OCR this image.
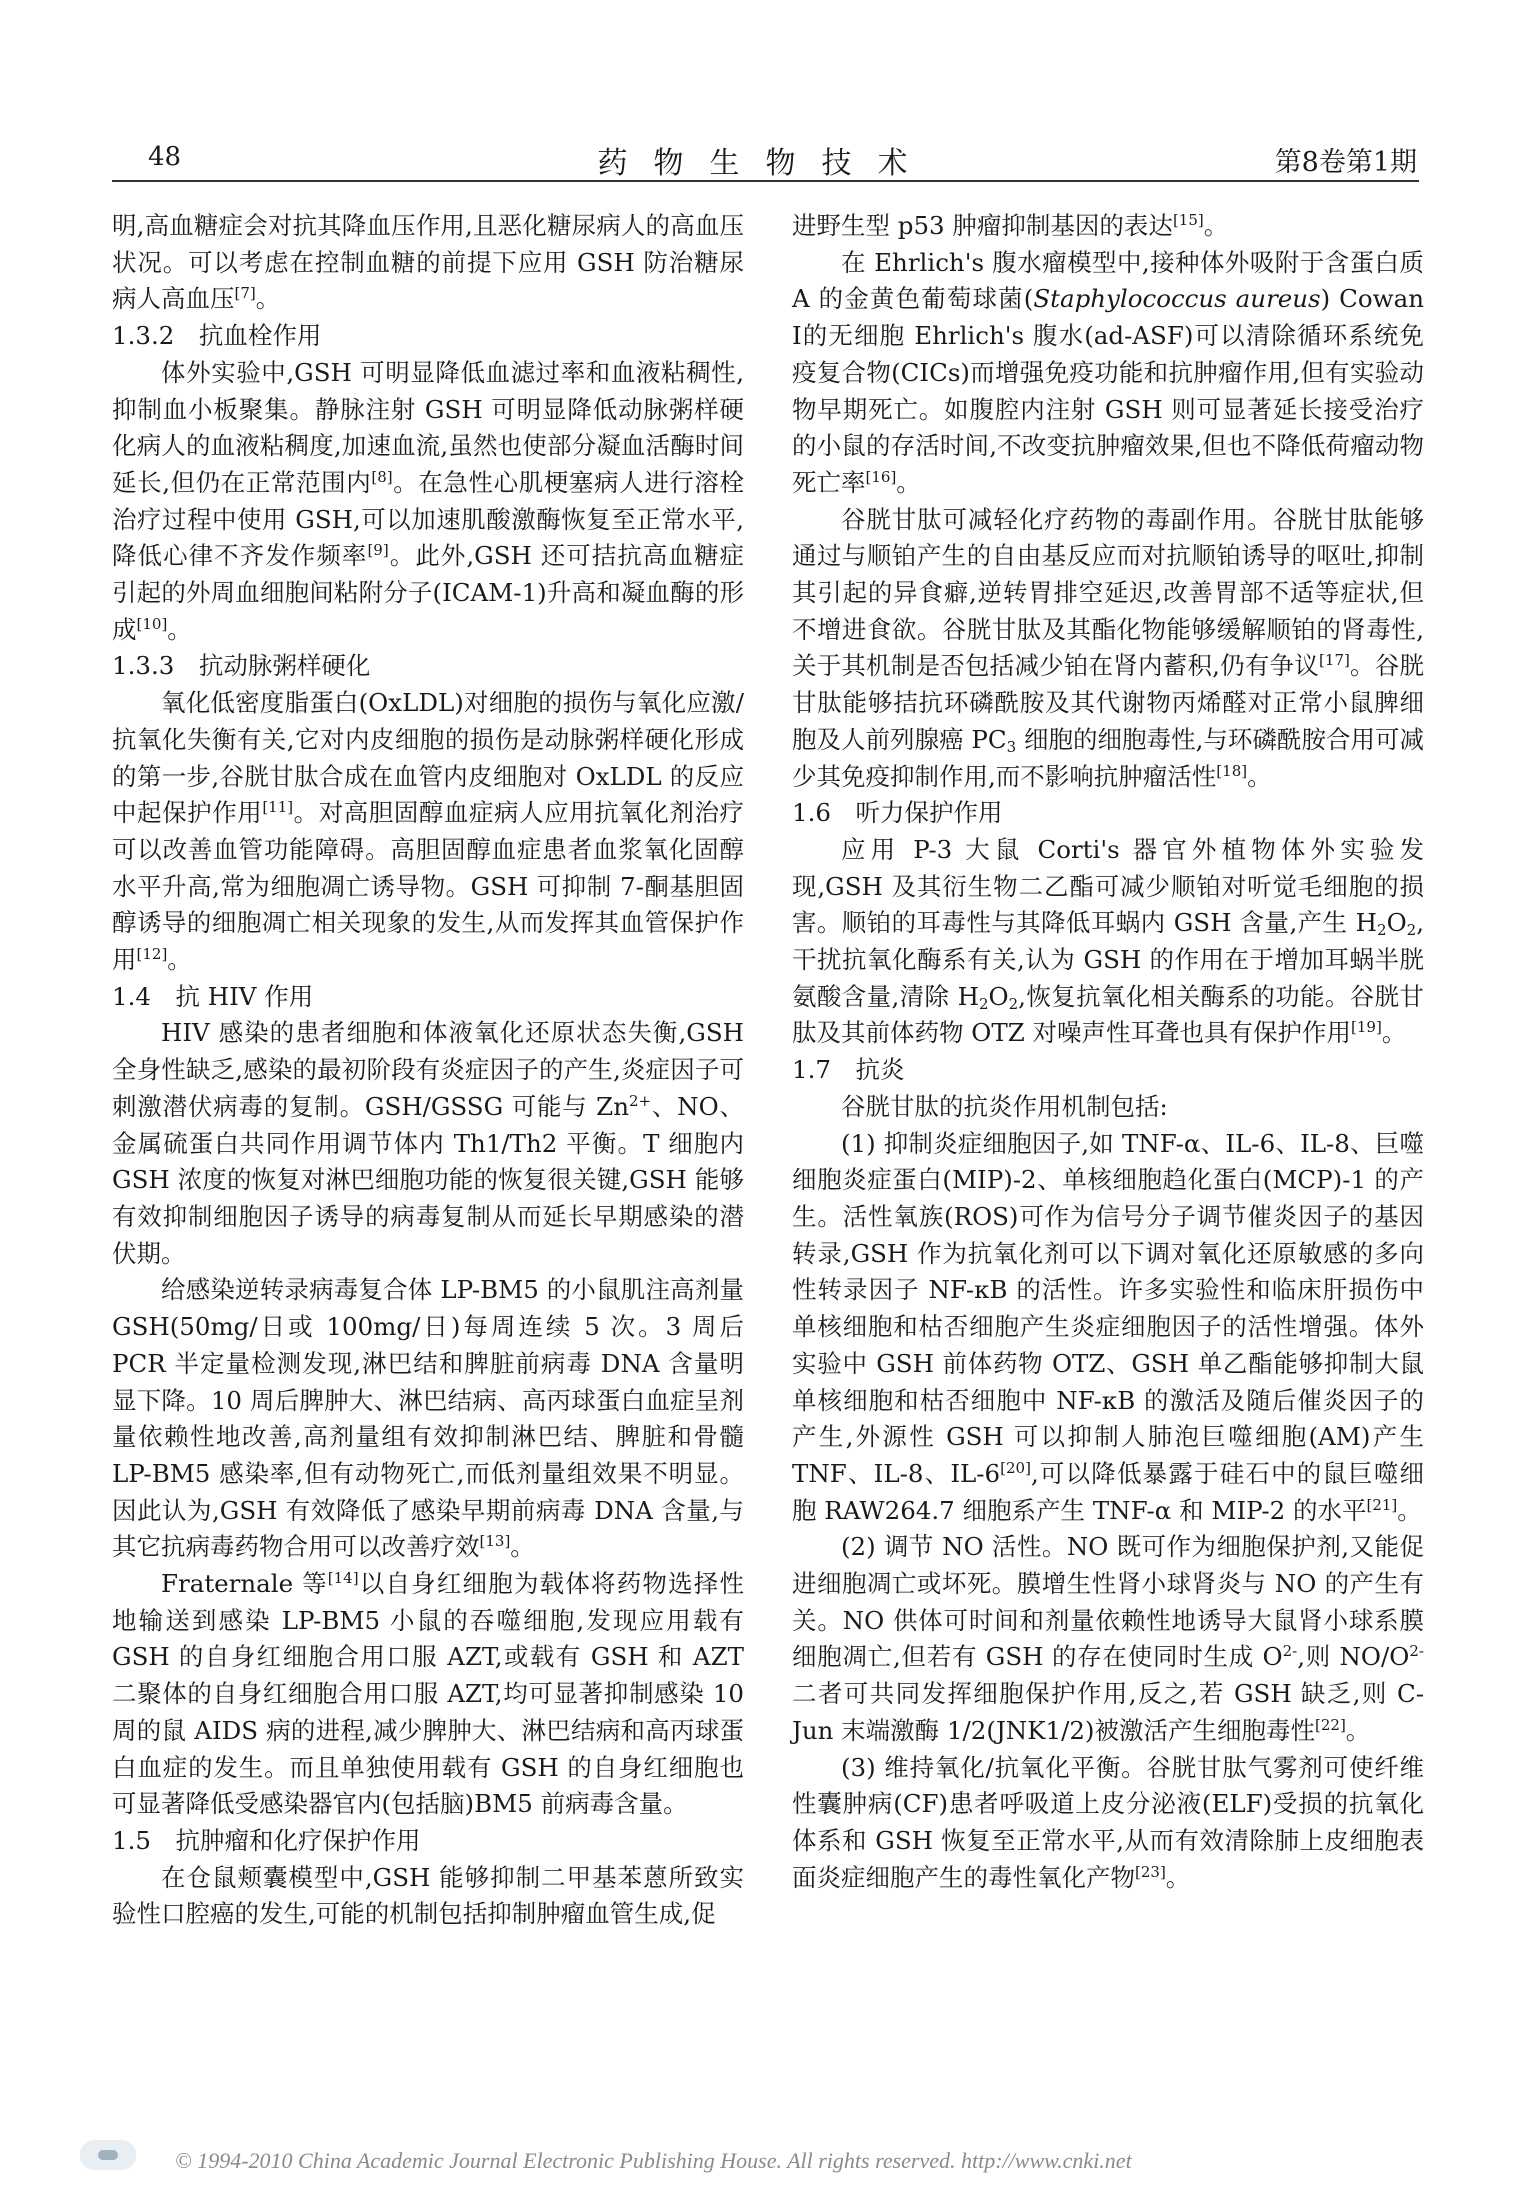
48	药物生物技术	第8卷第1期

明,高血糖症会对抗其降血压作用,且恶化糖尿病人的高血压状况。可以考虑在控制血糖的前提下应用 GSH 防治糖尿病人高血压[7]。

1.3.2　抗血栓作用

体外实验中,GSH 可明显降低血滤过率和血液粘稠性,抑制血小板聚集。静脉注射 GSH 可明显降低动脉粥样硬化病人的血液粘稠度,加速血流,虽然也使部分凝血活酶时间延长,但仍在正常范围内[8]。在急性心肌梗塞病人进行溶栓治疗过程中使用 GSH,可以加速肌酸激酶恢复至正常水平,降低心律不齐发作频率[9]。此外,GSH 还可拮抗高血糖症引起的外周血细胞间粘附分子(ICAM-1)升高和凝血酶的形成[10]。

1.3.3　抗动脉粥样硬化

氧化低密度脂蛋白(OxLDL)对细胞的损伤与氧化应激/抗氧化失衡有关,它对内皮细胞的损伤是动脉粥样硬化形成的第一步,谷胱甘肽合成在血管内皮细胞对 OxLDL 的反应中起保护作用[11]。对高胆固醇血症病人应用抗氧化剂治疗可以改善血管功能障碍。高胆固醇血症患者血浆氧化固醇水平升高,常为细胞凋亡诱导物。GSH 可抑制 7-酮基胆固醇诱导的细胞凋亡相关现象的发生,从而发挥其血管保护作用[12]。

1.4　抗 HIV 作用

HIV 感染的患者细胞和体液氧化还原状态失衡,GSH 全身性缺乏,感染的最初阶段有炎症因子的产生,炎症因子可刺激潜伏病毒的复制。GSH/GSSG 可能与 $Zn^{2+}$、NO、金属硫蛋白共同作用调节体内 Th1/Th2 平衡。T 细胞内 GSH 浓度的恢复对淋巴细胞功能的恢复很关键,GSH 能够有效抑制细胞因子诱导的病毒复制从而延长早期感染的潜伏期。

给感染逆转录病毒复合体 LP-BM5 的小鼠肌注高剂量 GSH(50mg/日或 100mg/日)每周连续 5 次。3 周后 PCR 半定量检测发现,淋巴结和脾脏前病毒 DNA 含量明显下降。10 周后脾肿大、淋巴结病、高丙球蛋白血症呈剂量依赖性地改善,高剂量组有效抑制淋巴结、脾脏和骨髓 LP-BM5 感染率,但有动物死亡,而低剂量组效果不明显。因此认为,GSH 有效降低了感染早期前病毒 DNA 含量,与其它抗病毒药物合用可以改善疗效[13]。

Fraternale 等[14]以自身红细胞为载体将药物选择性地输送到感染 LP-BM5 小鼠的吞噬细胞,发现应用载有 GSH 的自身红细胞合用口服 AZT,或载有 GSH 和 AZT 二聚体的自身红细胞合用口服 AZT,均可显著抑制感染 10 周的鼠 AIDS 病的进程,减少脾肿大、淋巴结病和高丙球蛋白血症的发生。而且单独使用载有 GSH 的自身红细胞也可显著降低受感染器官内(包括脑)BM5 前病毒含量。

1.5　抗肿瘤和化疗保护作用

在仓鼠颊囊模型中,GSH 能够抑制二甲基苯蒽所致实验性口腔癌的发生,可能的机制包括抑制肿瘤血管生成,促

进野生型 p53 肿瘤抑制基因的表达[15]。

在 Ehrlich's 腹水瘤模型中,接种体外吸附于含蛋白质 A 的金黄色葡萄球菌(Staphylococcus aureus) Cowan Ⅰ的无细胞 Ehrlich's 腹水(ad-ASF)可以清除循环系统免疫复合物(CICs)而增强免疫功能和抗肿瘤作用,但有实验动物早期死亡。如腹腔内注射 GSH 则可显著延长接受治疗的小鼠的存活时间,不改变抗肿瘤效果,但也不降低荷瘤动物死亡率[16]。

谷胱甘肽可减轻化疗药物的毒副作用。谷胱甘肽能够通过与顺铂产生的自由基反应而对抗顺铂诱导的呕吐,抑制其引起的异食癖,逆转胃排空延迟,改善胃部不适等症状,但不增进食欲。谷胱甘肽及其酯化物能够缓解顺铂的肾毒性,关于其机制是否包括减少铂在肾内蓄积,仍有争议[17]。谷胱甘肽能够拮抗环磷酰胺及其代谢物丙烯醛对正常小鼠脾细胞及人前列腺癌 $PC_3$ 细胞的细胞毒性,与环磷酰胺合用可减少其免疫抑制作用,而不影响抗肿瘤活性[18]。

1.6　听力保护作用

应用 P-3 大鼠 Corti's 器官外植物体外实验发现,GSH 及其衍生物二乙酯可减少顺铂对听觉毛细胞的损害。顺铂的耳毒性与其降低耳蜗内 GSH 含量,产生 $H_2O_2$,干扰抗氧化酶系有关,认为 GSH 的作用在于增加耳蜗半胱氨酸含量,清除 $H_2O_2$,恢复抗氧化相关酶系的功能。谷胱甘肽及其前体药物 OTZ 对噪声性耳聋也具有保护作用[19]。

1.7　抗炎

谷胱甘肽的抗炎作用机制包括:

(1) 抑制炎症细胞因子,如 TNF-α、IL-6、IL-8、巨噬细胞炎症蛋白(MIP)-2、单核细胞趋化蛋白(MCP)-1 的产生。活性氧族(ROS)可作为信号分子调节催炎因子的基因转录,GSH 作为抗氧化剂可以下调对氧化还原敏感的多向性转录因子 NF-κB 的活性。许多实验性和临床肝损伤中单核细胞和枯否细胞产生炎症细胞因子的活性增强。体外实验中 GSH 前体药物 OTZ、GSH 单乙酯能够抑制大鼠单核细胞和枯否细胞中 NF-κB 的激活及随后催炎因子的产生,外源性 GSH 可以抑制人肺泡巨噬细胞(AM)产生 TNF、IL-8、IL-6[20],可以降低暴露于硅石中的鼠巨噬细胞 RAW264.7 细胞系产生 TNF-α 和 MIP-2 的水平[21]。

(2) 调节 NO 活性。NO 既可作为细胞保护剂,又能促进细胞凋亡或坏死。膜增生性肾小球肾炎与 NO 的产生有关。NO 供体可时间和剂量依赖性地诱导大鼠肾小球系膜细胞凋亡,但若有 GSH 的存在使同时生成 $O^{2-}$,则 $NO/O^{2-}$ 二者可共同发挥细胞保护作用,反之,若 GSH 缺乏,则 C-Jun 末端激酶 1/2(JNK1/2)被激活产生细胞毒性[22]。

(3) 维持氧化/抗氧化平衡。谷胱甘肽气雾剂可使纤维性囊肿病(CF)患者呼吸道上皮分泌液(ELF)受损的抗氧化体系和 GSH 恢复至正常水平,从而有效清除肺上皮细胞表面炎症细胞产生的毒性氧化产物[23]。

© 1994-2010 China Academic Journal Electronic Publishing House. All rights reserved. http://www.cnki.net
